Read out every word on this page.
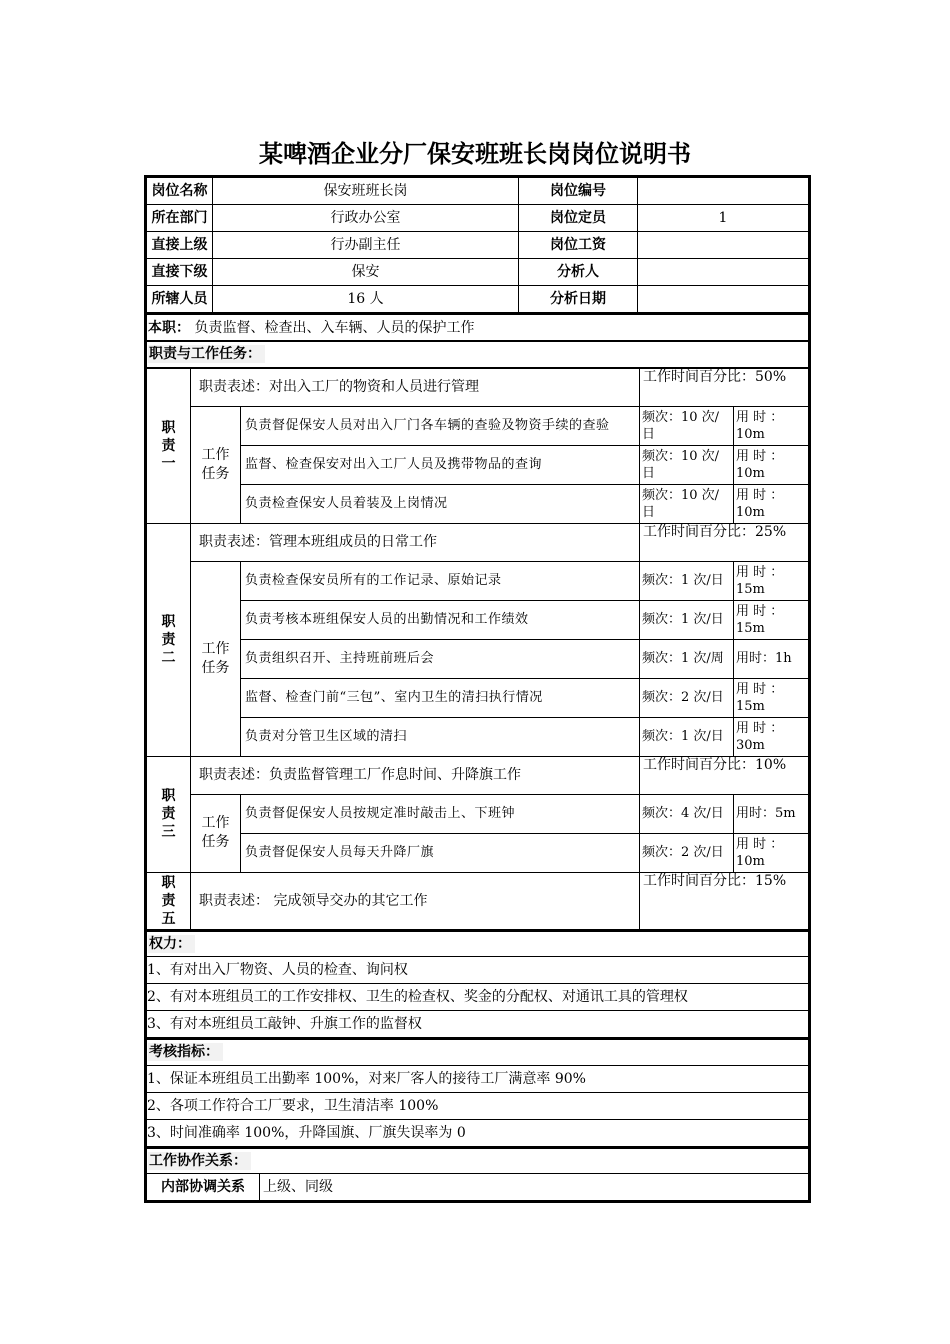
某啤酒企业分厂保安班班长岗岗位说明书
岗位名称	保安班班长岗	岗位编号	
所在部门	行政办公室	岗位定员	1
直接上级	行办副主任	岗位工资	
直接下级	保安	分析人	
所辖人员	16 人	分析日期	
本职： 负责监督、检查出、入车辆、人员的保护工作
职责与工作任务：
职责一	职责表述：对出入工厂的物资和人员进行管理		工作时间百分比：50%	

	工作任务	负责督促保安人员对出入厂门各车辆的查验及物资手续的查验	频次：10 次/日	用 时 ：10m
		监督、检查保安对出入工厂人员及携带物品的查询	频次：10 次/日	用 时 ：10m
		负责检查保安人员着装及上岗情况	频次：10 次/日	用 时 ：10m

职责二	职责表述：管理本班组成员的日常工作		工作时间百分比：25%	

	工作任务	负责检查保安员所有的工作记录、原始记录	频次：1 次/日	用 时 ：15m
		负责考核本班组保安人员的出勤情况和工作绩效	频次：1 次/日	用 时 ：15m
		负责组织召开、主持班前班后会	频次：1 次/周	用时：1h
		监督、检查门前“三包”、室内卫生的清扫执行情况	频次：2 次/日	用 时 ：15m
		负责对分管卫生区域的清扫	频次：1 次/日	用 时 ：30m

职责三	职责表述：负责监督管理工厂作息时间、升降旗工作		工作时间百分比：10%	

	工作任务	负责督促保安人员按规定准时敲击上、下班钟	频次：4 次/日	用时：5m
		负责督促保安人员每天升降厂旗	频次：2 次/日	用 时 ：10m

职责五	职责表述： 完成领导交办的其它工作		工作时间百分比：15%	
权力：
1、有对出入厂物资、人员的检查、询问权
2、有对本班组员工的工作安排权、卫生的检查权、奖金的分配权、对通讯工具的管理权
3、有对本班组员工敲钟、升旗工作的监督权
考核指标：
1、保证本班组员工出勤率 100%，对来厂客人的接待工厂满意率 90%
2、各项工作符合工厂要求，卫生清洁率 100%
3、时间准确率 100%，升降国旗、厂旗失误率为 0
工作协作关系：
内部协调关系	上级、同级
